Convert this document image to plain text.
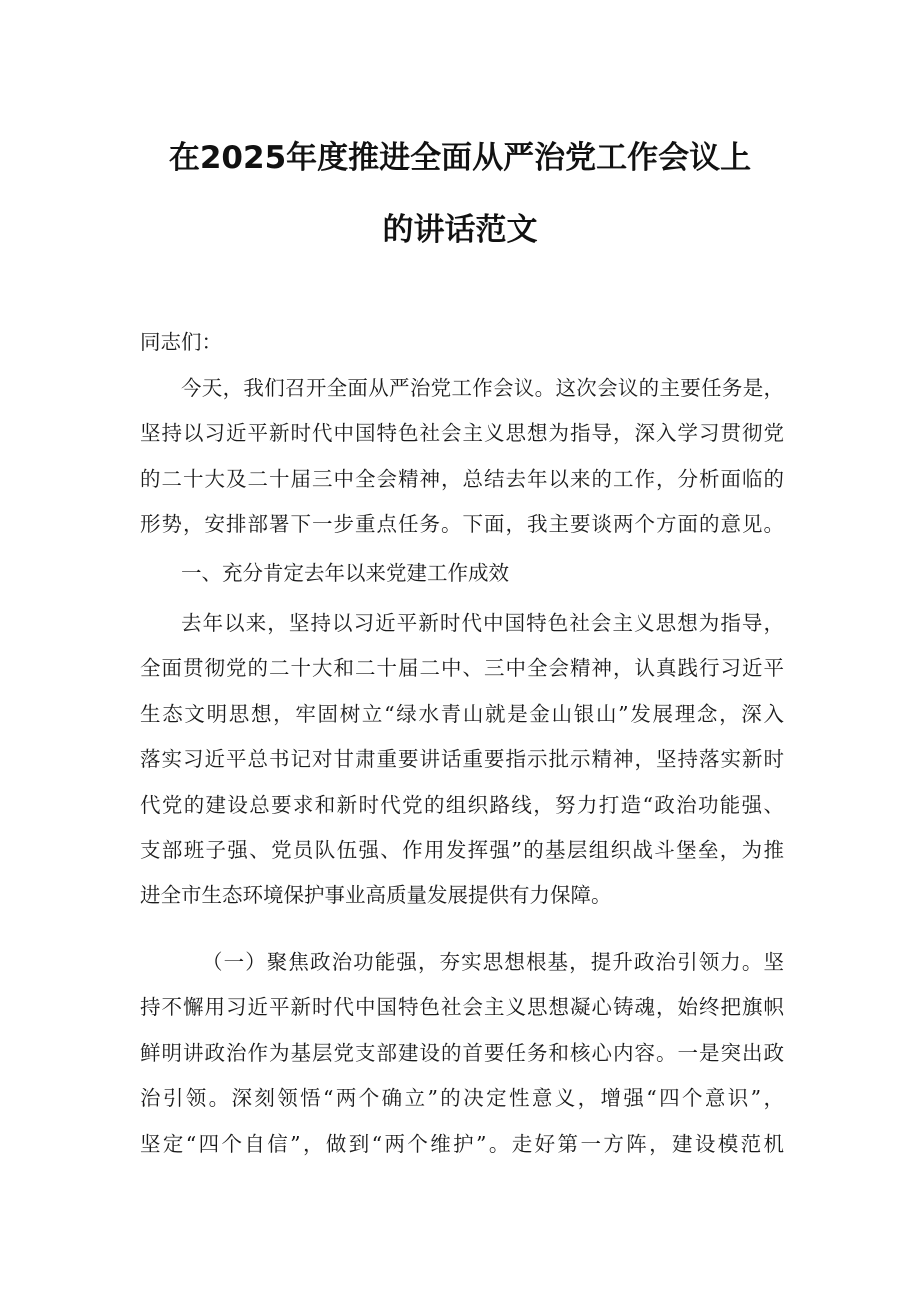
在2025年度推进全面从严治党工作会议上
的讲话范文
同志们：
今天，我们召开全面从严治党工作会议。这次会议的主要任务是，
坚持以习近平新时代中国特色社会主义思想为指导，深入学习贯彻党
的二十大及二十届三中全会精神，总结去年以来的工作，分析面临的
形势，安排部署下一步重点任务。下面，我主要谈两个方面的意见。
一、充分肯定去年以来党建工作成效
去年以来，坚持以习近平新时代中国特色社会主义思想为指导，
全面贯彻党的二十大和二十届二中、三中全会精神，认真践行习近平
生态文明思想，牢固树立“绿水青山就是金山银山”发展理念，深入
落实习近平总书记对甘肃重要讲话重要指示批示精神，坚持落实新时
代党的建设总要求和新时代党的组织路线，努力打造“政治功能强、
支部班子强、党员队伍强、作用发挥强”的基层组织战斗堡垒，为推
进全市生态环境保护事业高质量发展提供有力保障。
（一）聚焦政治功能强，夯实思想根基，提升政治引领力。坚
持不懈用习近平新时代中国特色社会主义思想凝心铸魂，始终把旗帜
鲜明讲政治作为基层党支部建设的首要任务和核心内容。一是突出政
治引领。深刻领悟“两个确立”的决定性意义，增强“四个意识”，
坚定“四个自信”，做到“两个维护”。走好第一方阵，建设模范机
